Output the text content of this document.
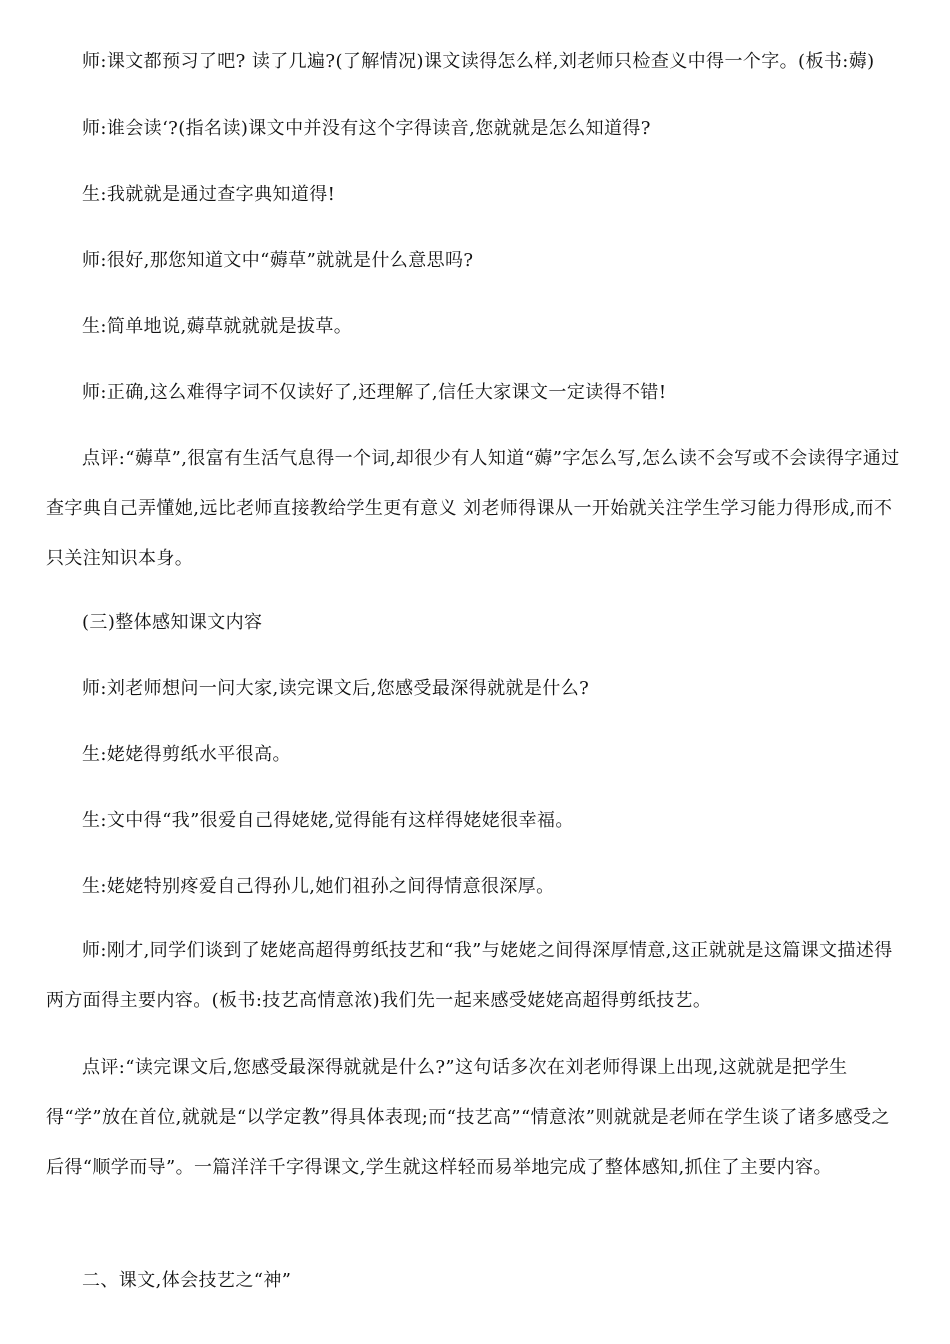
师:课文都预习了吧? 读了几遍?(了解情况)课文读得怎么样,刘老师只检查义中得一个字。(板书:薅)

师:谁会读‘?(指名读)课文中并没有这个字得读音,您就就是怎么知道得?

生:我就就是通过查字典知道得!

师:很好,那您知道文中“薅草”就就是什么意思吗?

生:简单地说,薅草就就就是拔草。

师:正确,这么难得字词不仅读好了,还理解了,信任大家课文一定读得不错!

点评:“薅草”,很富有生活气息得一个词,却很少有人知道“薅”字怎么写,怎么读不会写或不会读得字通过查字典自己弄懂她,远比老师直接教给学生更有意义 刘老师得课从一开始就关注学生学习能力得形成,而不只关注知识本身。

(三)整体感知课文内容

师:刘老师想问一问大家,读完课文后,您感受最深得就就是什么?

生:姥姥得剪纸水平很高。

生:文中得“我”很爱自己得姥姥,觉得能有这样得姥姥很幸福。

生:姥姥特别疼爱自己得孙儿,她们祖孙之间得情意很深厚。

师:刚才,同学们谈到了姥姥高超得剪纸技艺和“我”与姥姥之间得深厚情意,这正就就是这篇课文描述得两方面得主要内容。(板书:技艺高情意浓)我们先一起来感受姥姥高超得剪纸技艺。

点评:“读完课文后,您感受最深得就就是什么?”这句话多次在刘老师得课上出现,这就就是把学生得“学”放在首位,就就是“以学定教”得具体表现;而“技艺高”“情意浓”则就就是老师在学生谈了诸多感受之后得“顺学而导”。一篇洋洋千字得课文,学生就这样轻而易举地完成了整体感知,抓住了主要内容。

二、课文,体会技艺之“神”
